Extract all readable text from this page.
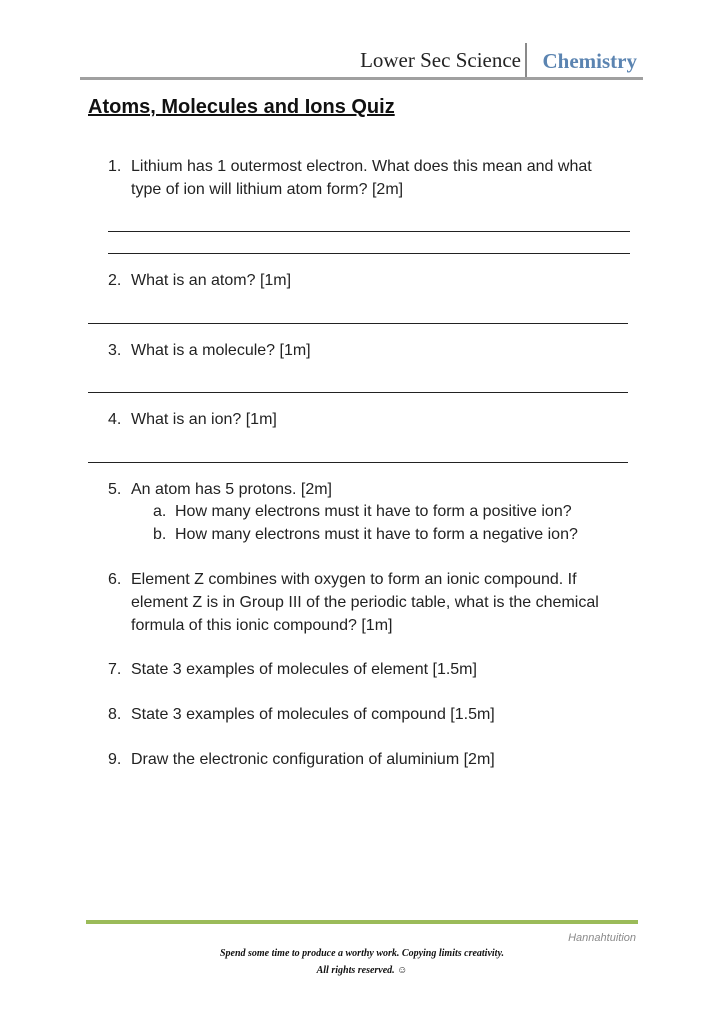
Lower Sec Science Chemistry
Atoms, Molecules and Ions Quiz
1. Lithium has 1 outermost electron. What does this mean and what
type of ion will lithium atom form? [2m]
2. What is an atom? [1m]
3. What is a molecule? [1m]
4. What is an ion? [1m]
5. An atom has 5 protons. [2m]
a. How many electrons must it have to form a positive ion?
b. How many electrons must it have to form a negative ion?
6. Element Z combines with oxygen to form an ionic compound. If
element Z is in Group III of the periodic table, what is the chemical
formula of this ionic compound? [1m]
7. State 3 examples of molecules of element [1.5m]
8. State 3 examples of molecules of compound [1.5m]
9. Draw the electronic configuration of aluminium [2m]
Hannahtuition
Spend some time to produce a worthy work. Copying limits creativity.
All rights reserved. ☺
